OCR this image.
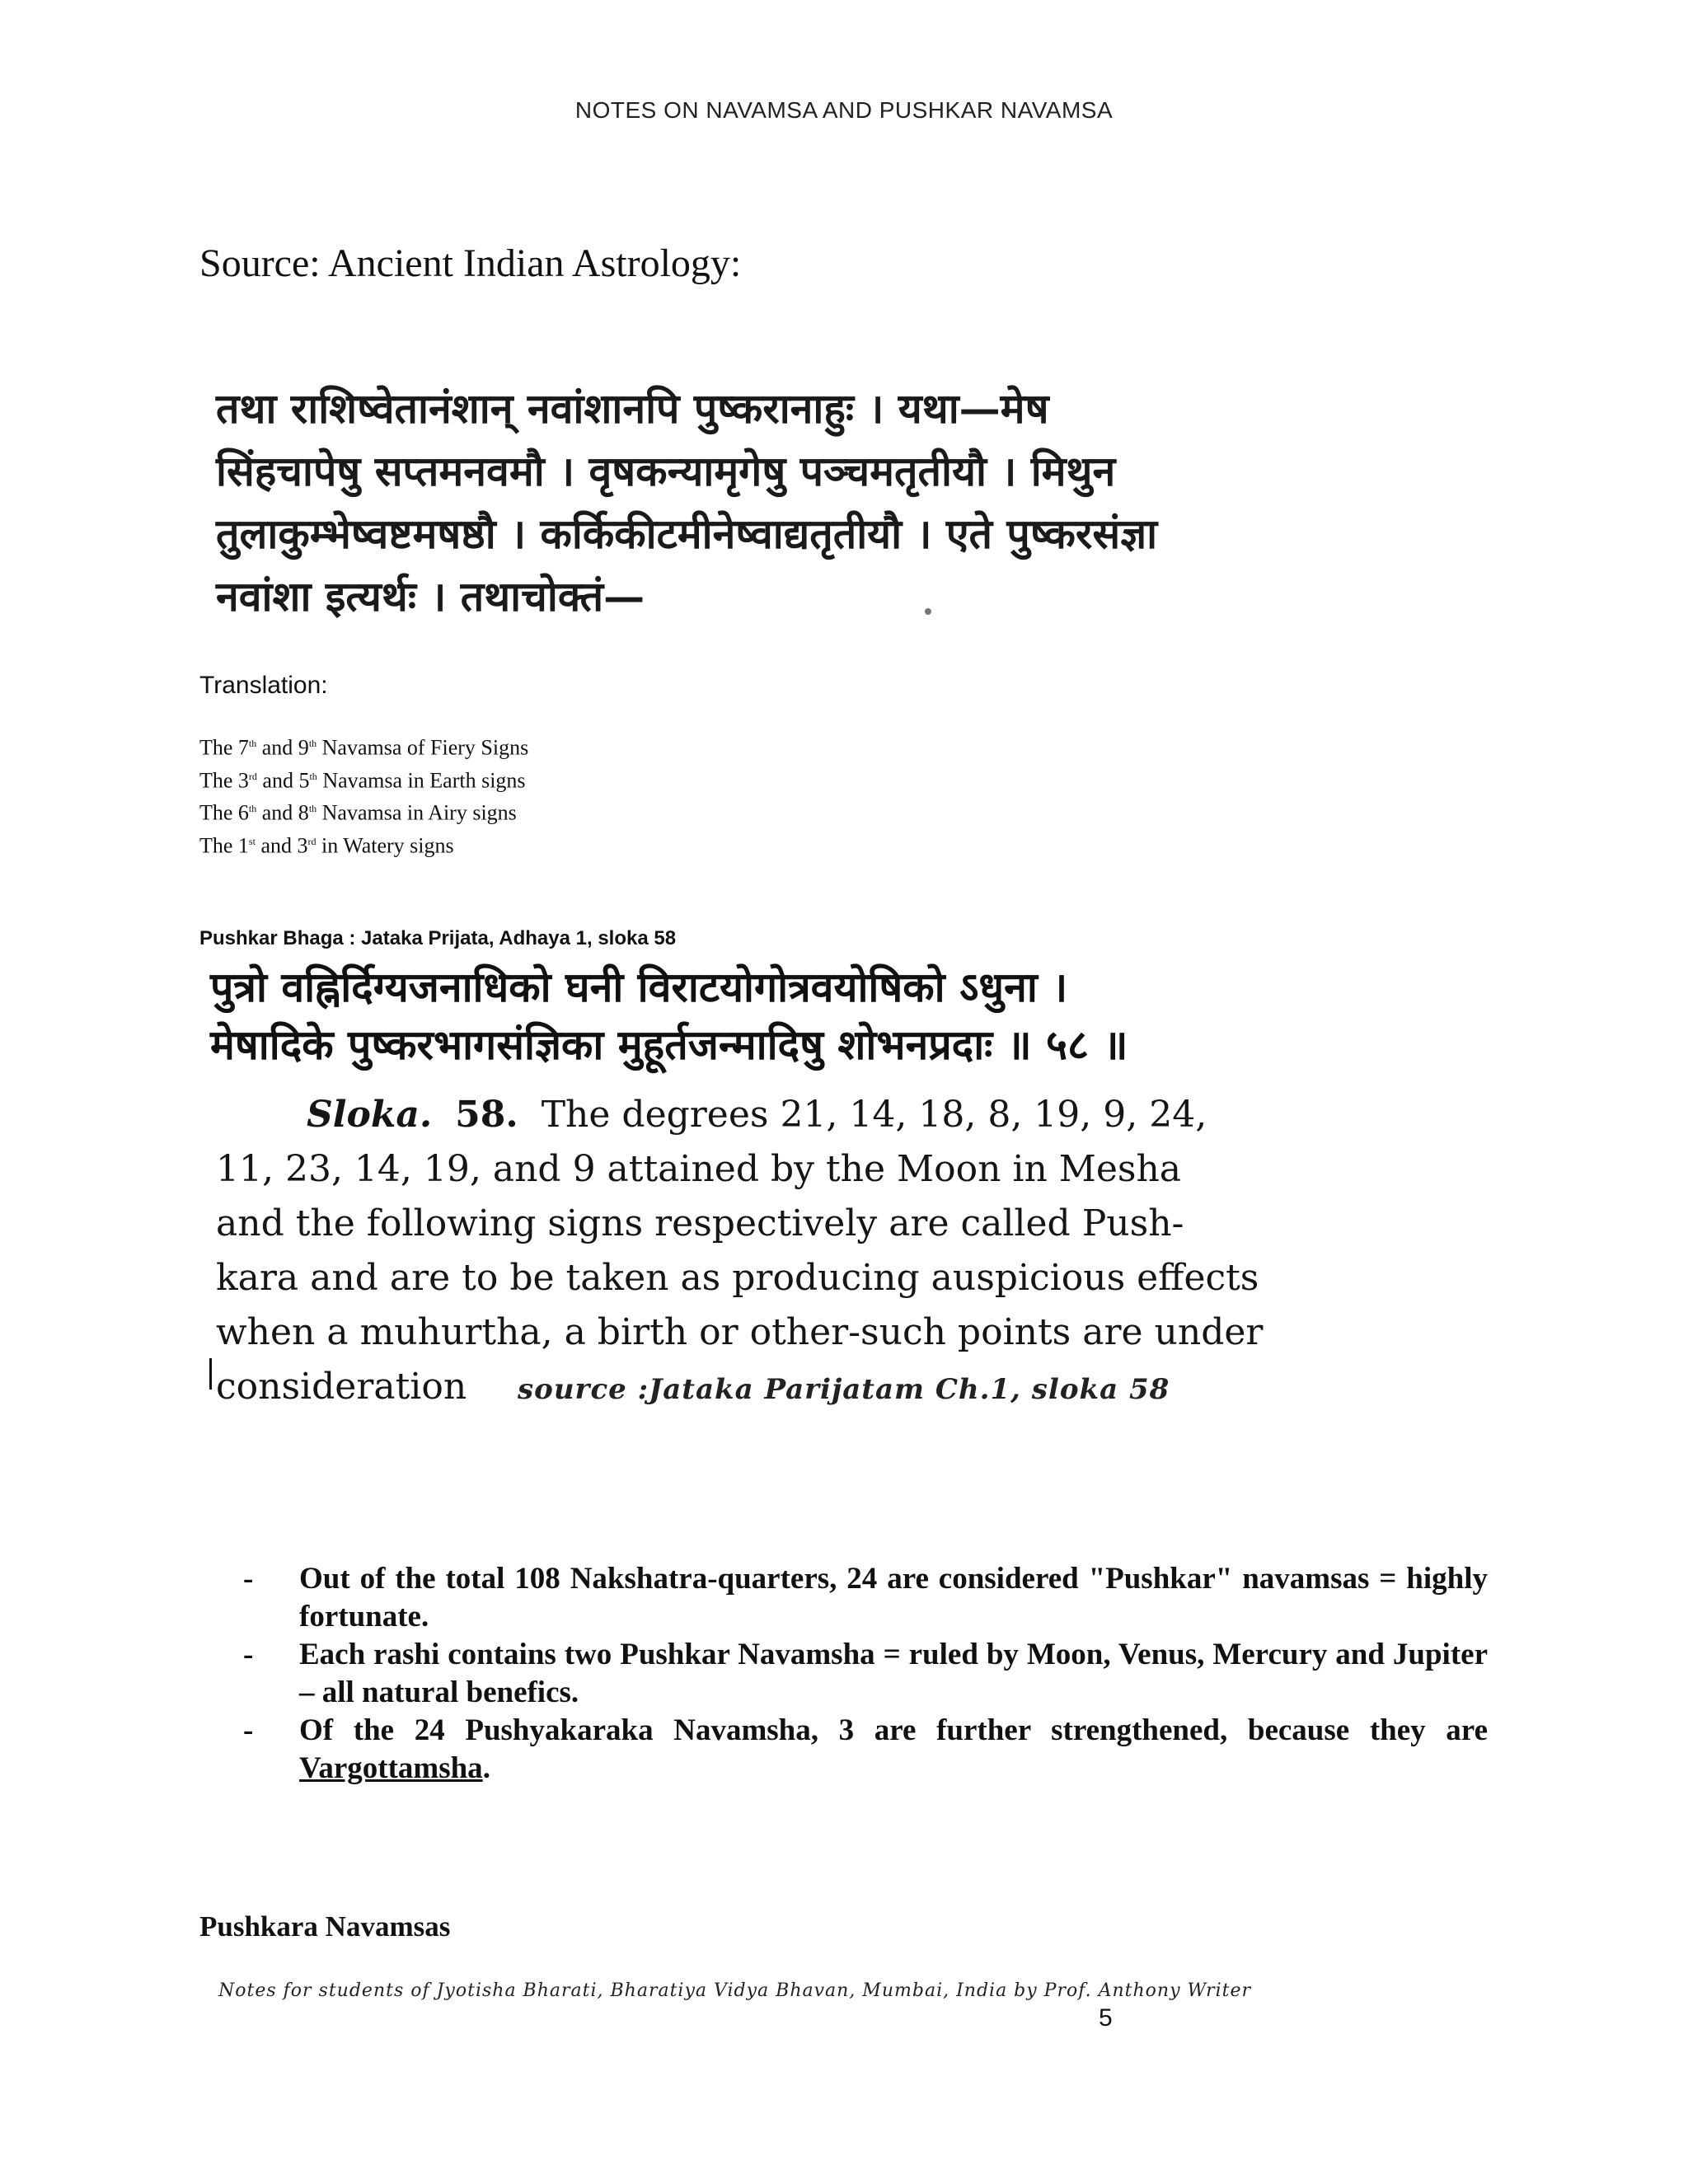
NOTES ON NAVAMSA AND PUSHKAR NAVAMSA
Source: Ancient Indian Astrology:
तथा राशिष्वेतानंशान् नवांशानपि पुष्करानाहुः । यथा—मेष
सिंहचापेषु सप्तमनवमौ । वृषकन्यामृगेषु पञ्चमतृतीयौ । मिथुन
तुलाकुम्भेष्वष्टमषष्ठौ । कर्किकीटमीनेष्वाद्यतृतीयौ । एते पुष्करसंज्ञा
नवांशा इत्यर्थः । तथाचोक्तं—
Translation:
The 7th and 9th Navamsa of Fiery Signs
The 3rd and 5th Navamsa in Earth signs
The 6th and 8th Navamsa in Airy signs
The 1st and 3rd in Watery signs
Pushkar Bhaga : Jataka Prijata, Adhaya 1, sloka 58
पुत्रो वह्निर्दिग्यजनाधिको घनी विराटयोगोत्रवयोषिको ऽधुना ।
मेषादिके पुष्करभागसंज्ञिका मुहूर्तजन्मादिषु शोभनप्रदाः ॥ ५८ ॥
Sloka. 58. The degrees 21, 14, 18, 8, 19, 9, 24,
11, 23, 14, 19, and 9 attained by the Moon in Mesha
and the following signs respectively are called Push-
kara and are to be taken as producing auspicious effects
when a muhurtha, a birth or other-such points are under
consideration	source :Jataka Parijatam Ch.1, sloka 58
-	Out of the total 108 Nakshatra-quarters, 24 are considered "Pushkar" navamsas = highly fortunate.
-	Each rashi contains two Pushkar Navamsha = ruled by Moon, Venus, Mercury and Jupiter – all natural benefics.
-	Of the 24 Pushyakaraka Navamsha, 3 are further strengthened, because they are Vargottamsha.
Pushkara Navamsas
Notes for students of Jyotisha Bharati, Bharatiya Vidya Bhavan, Mumbai, India by Prof. Anthony Writer
5
